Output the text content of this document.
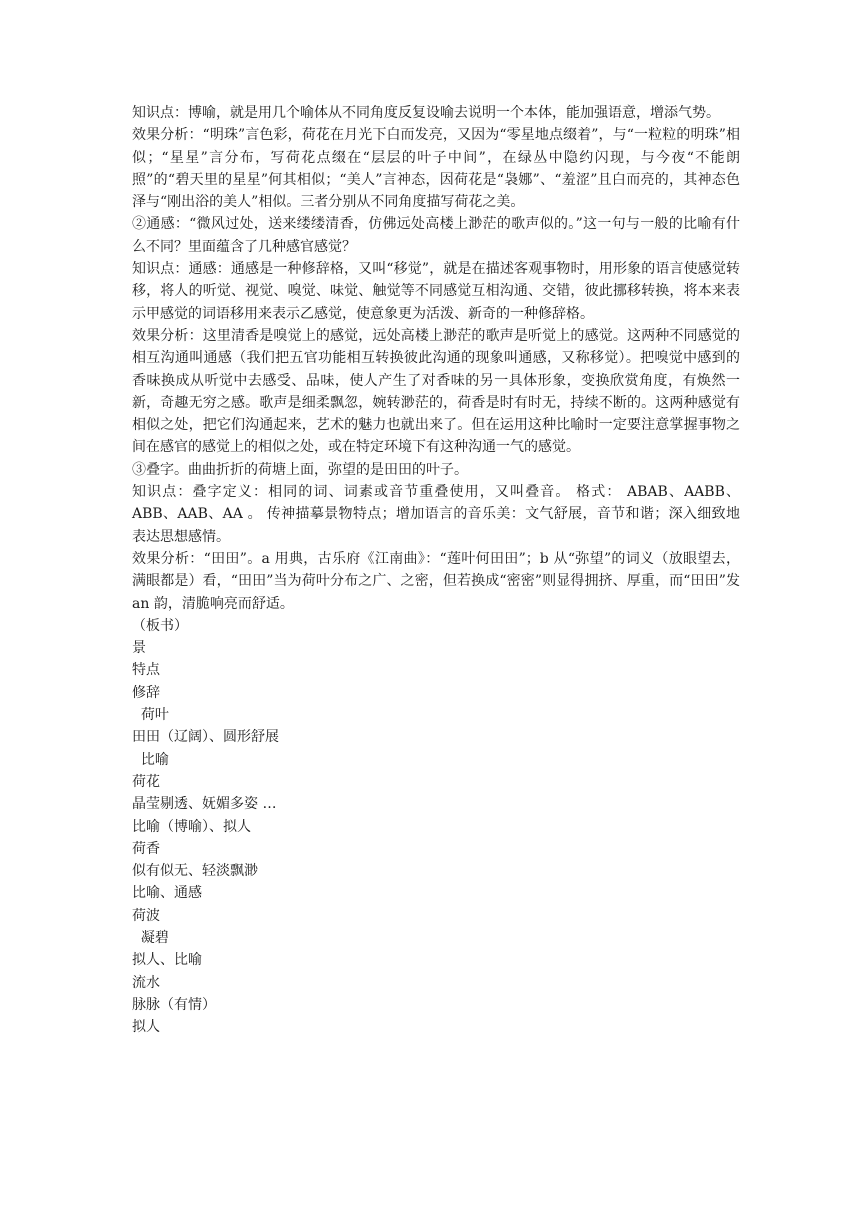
知识点：博喻，就是用几个喻体从不同角度反复设喻去说明一个本体，能加强语意，增添气势。

效果分析：“明珠”言色彩，荷花在月光下白而发亮，又因为“零星地点缀着”，与“一粒粒的明珠”相似；“星星”言分布，写荷花点缀在“层层的叶子中间”，在绿丛中隐约闪现，与今夜“不能朗照”的“碧天里的星星”何其相似；“美人”言神态，因荷花是“袅娜”、“羞涩”且白而亮的，其神态色泽与“刚出浴的美人”相似。三者分别从不同角度描写荷花之美。

②通感：“微风过处，送来缕缕清香，仿佛远处高楼上渺茫的歌声似的。”这一句与一般的比喻有什么不同？里面蕴含了几种感官感觉？

知识点：通感：通感是一种修辞格，又叫“移觉”，就是在描述客观事物时，用形象的语言使感觉转移，将人的听觉、视觉、嗅觉、味觉、触觉等不同感觉互相沟通、交错，彼此挪移转换，将本来表示甲感觉的词语移用来表示乙感觉，使意象更为活泼、新奇的一种修辞格。

效果分析：这里清香是嗅觉上的感觉，远处高楼上渺茫的歌声是听觉上的感觉。这两种不同感觉的相互沟通叫通感（我们把五官功能相互转换彼此沟通的现象叫通感，又称移觉）。把嗅觉中感到的香味换成从听觉中去感受、品味，使人产生了对香味的另一具体形象，变换欣赏角度，有焕然一新，奇趣无穷之感。歌声是细柔飘忽，婉转渺茫的，荷香是时有时无，持续不断的。这两种感觉有相似之处，把它们沟通起来，艺术的魅力也就出来了。但在运用这种比喻时一定要注意掌握事物之间在感官的感觉上的相似之处，或在特定环境下有这种沟通一气的感觉。

③叠字。曲曲折折的荷塘上面，弥望的是田田的叶子。

知识点：叠字定义：相同的词、词素或音节重叠使用，又叫叠音。 格式： ABAB、AABB、ABB、AAB、AA 。 传神描摹景物特点；增加语言的音乐美：文气舒展，音节和谐；深入细致地表达思想感情。

效果分析：“田田”。a 用典，古乐府《江南曲》：“莲叶何田田”；b 从“弥望”的词义（放眼望去，满眼都是）看，“田田”当为荷叶分布之广、之密，但若换成“密密”则显得拥挤、厚重，而“田田”发 an 韵，清脆响亮而舒适。

（板书）

景

特点

修辞

荷叶

田田（辽阔）、圆形舒展

比喻

荷花

晶莹剔透、妩媚多姿 …

比喻（博喻）、拟人

荷香

似有似无、轻淡飘渺

比喻、通感

荷波

凝碧

拟人、比喻

流水

脉脉（有情）

拟人
